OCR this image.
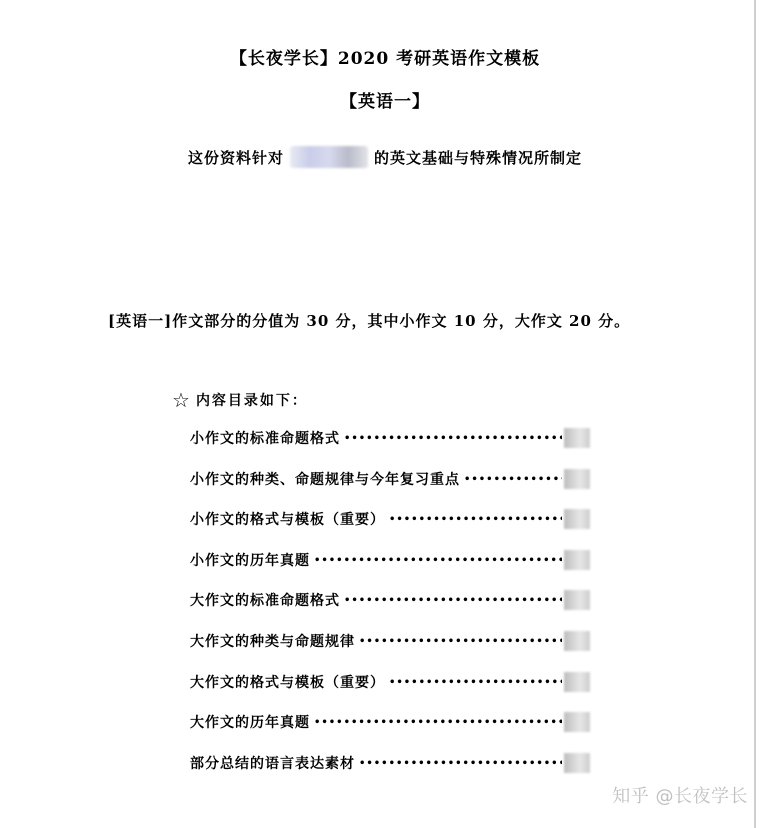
【长夜学长】2020 考研英语作文模板
【英语一】
这份资料针对	的英文基础与特殊情况所制定
[英语一]作文部分的分值为 30 分，其中小作文 10 分，大作文 20 分。
☆ 内容目录如下：
小作文的标准命题格式
•••••
小作文的种类、命题规律与今年复习重点
•••••
小作文的格式与模板（重要）
•••••
小作文的历年真题
•••••
大作文的标准命题格式
•••••
大作文的种类与命题规律
•••••
大作文的格式与模板（重要）
•••••
大作文的历年真题
•••••
部分总结的语言表达素材
•••••
知乎 @长夜学长
